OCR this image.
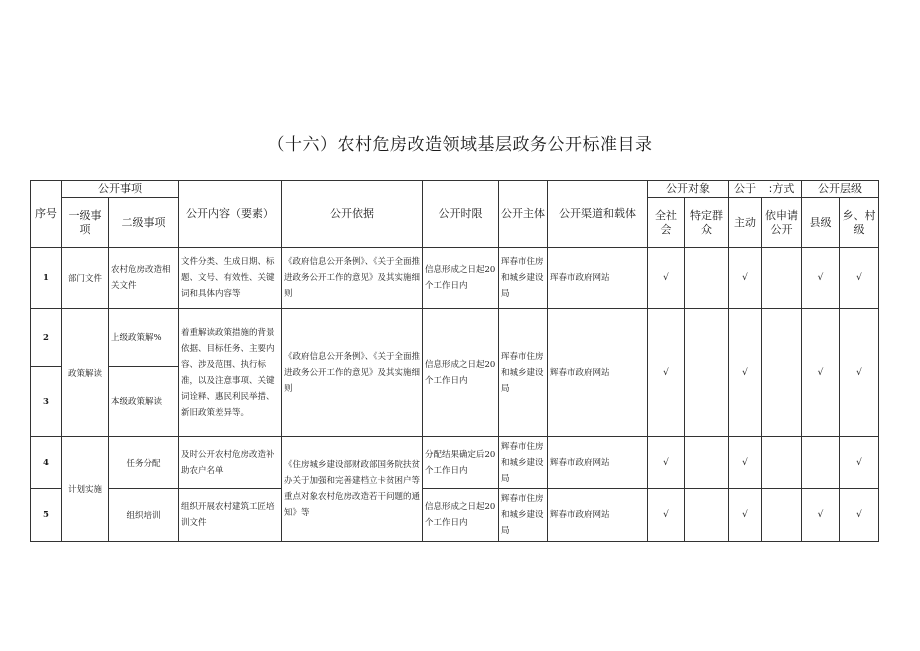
（十六）农村危房改造领域基层政务公开标准目录
序号	公开事项		公开内容（要素）	公开依据	公开时限	公开主体	公开渠道和载体	公开对象		公于	:方式	公开层级	
	一级事项	二级事项						全社会	特定群众	主动	依申请公开	县级	乡、村级
1	部门文件	农村危房改造相关文件	文件分类、生成日期、标题、文号、有效性、关键词和具体内容等	《政府信息公开条例》、《关于全面推进政务公开工作的意见》及其实施细则	信息形成之日起20个工作日内	珲春市住房和城乡建设局	珲春市政府网站	√		√		√	√
2	政策解读	上级政策解%	着重解读政策措施的背景依据、目标任务、主要内容、涉及范围、执行标准，以及注意事项、关键词诠释、惠民利民举措、新旧政策差异等。	《政府信息公开条例》、《关于全面推进政务公开工作的意见》及其实施细则	信息形成之日起20个工作日内	珲春市住房和城乡建设局	辉春市政府网站	√		√		√	√
3		本级政策解读											
4	计划实施	任务分配	及时公开农村危房改造补助农户名单	《住房城乡建设部财政部国务院扶贫办关于加强和完善建档立卡贫困户等重点对象农村危房改造若干问题的通知》等	分配结果确定后20个工作日内	辉春市住房和城乡建设局	辉春市政府网站	√		√			√
5		组织培训	组织开展农村建筑工匠培训文件		信息形成之日起20个工作日内	辉春市住房和城乡建设局	辉春市政府网站	√		√		√	√
